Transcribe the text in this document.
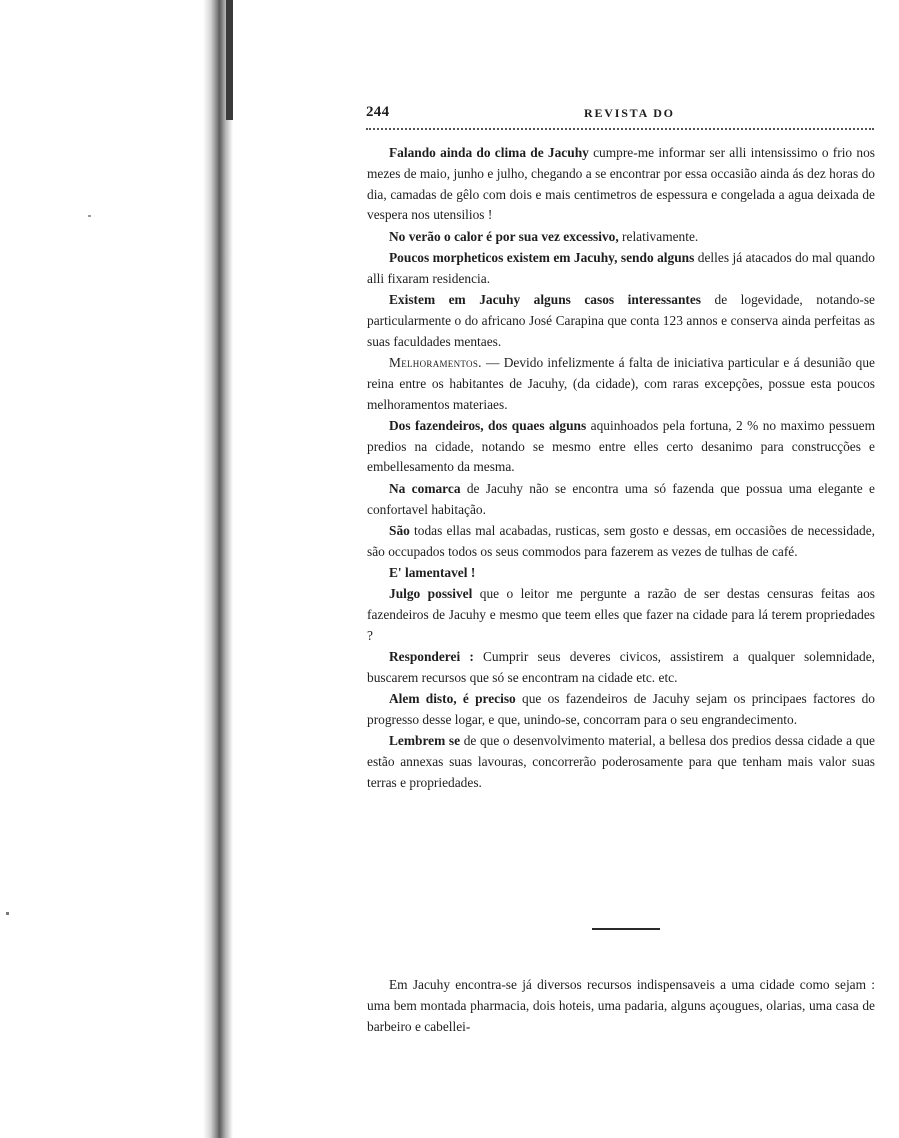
244	REVISTA DO

Falando ainda do clima de Jacuhy cumpre-me informar ser alli intensissimo o frio nos mezes de maio, junho e julho, chegando a se encontrar por essa occasião ainda ás dez horas do dia, camadas de gêlo com dois e mais centimetros de espessura e congelada a agua deixada de vespera nos utensilios !

No verão o calor é por sua vez excessivo, relativamente.

Poucos morpheticos existem em Jacuhy, sendo alguns delles já atacados do mal quando alli fixaram residencia.

Existem em Jacuhy alguns casos interessantes de logevidade, notando-se particularmente o do africano José Carapina que conta 123 annos e conserva ainda perfeitas as suas faculdades mentaes.

Melhoramentos. — Devido infelizmente á falta de iniciativa particular e á desunião que reina entre os habitantes de Jacuhy, (da cidade), com raras excepções, possue esta poucos melhoramentos materiaes.

Dos fazendeiros, dos quaes alguns aquinhoados pela fortuna, 2 % no maximo pessuem predios na cidade, notando se mesmo entre elles certo desanimo para construcções e embellesamento da mesma.

Na comarca de Jacuhy não se encontra uma só fazenda que possua uma elegante e confortavel habitação.

São todas ellas mal acabadas, rusticas, sem gosto e dessas, em occasiões de necessidade, são occupados todos os seus commodos para fazerem as vezes de tulhas de café.

E' lamentavel !

Julgo possivel que o leitor me pergunte a razão de ser destas censuras feitas aos fazendeiros de Jacuhy e mesmo que teem elles que fazer na cidade para lá terem propriedades ?

Responderei : Cumprir seus deveres civicos, assistirem a qualquer solemnidade, buscarem recursos que só se encontram na cidade etc. etc.

Alem disto, é preciso que os fazendeiros de Jacuhy sejam os principaes factores do progresso desse logar, e que, unindo-se, concorram para o seu engrandecimento.

Lembrem se de que o desenvolvimento material, a bellesa dos predios dessa cidade a que estão annexas suas lavouras, concorrerão poderosamente para que tenham mais valor suas terras e propriedades.

Em Jacuhy encontra-se já diversos recursos indispensaveis a uma cidade como sejam : uma bem montada pharmacia, dois hoteis, uma padaria, alguns açougues, olarias, uma casa de barbeiro e cabellei-
